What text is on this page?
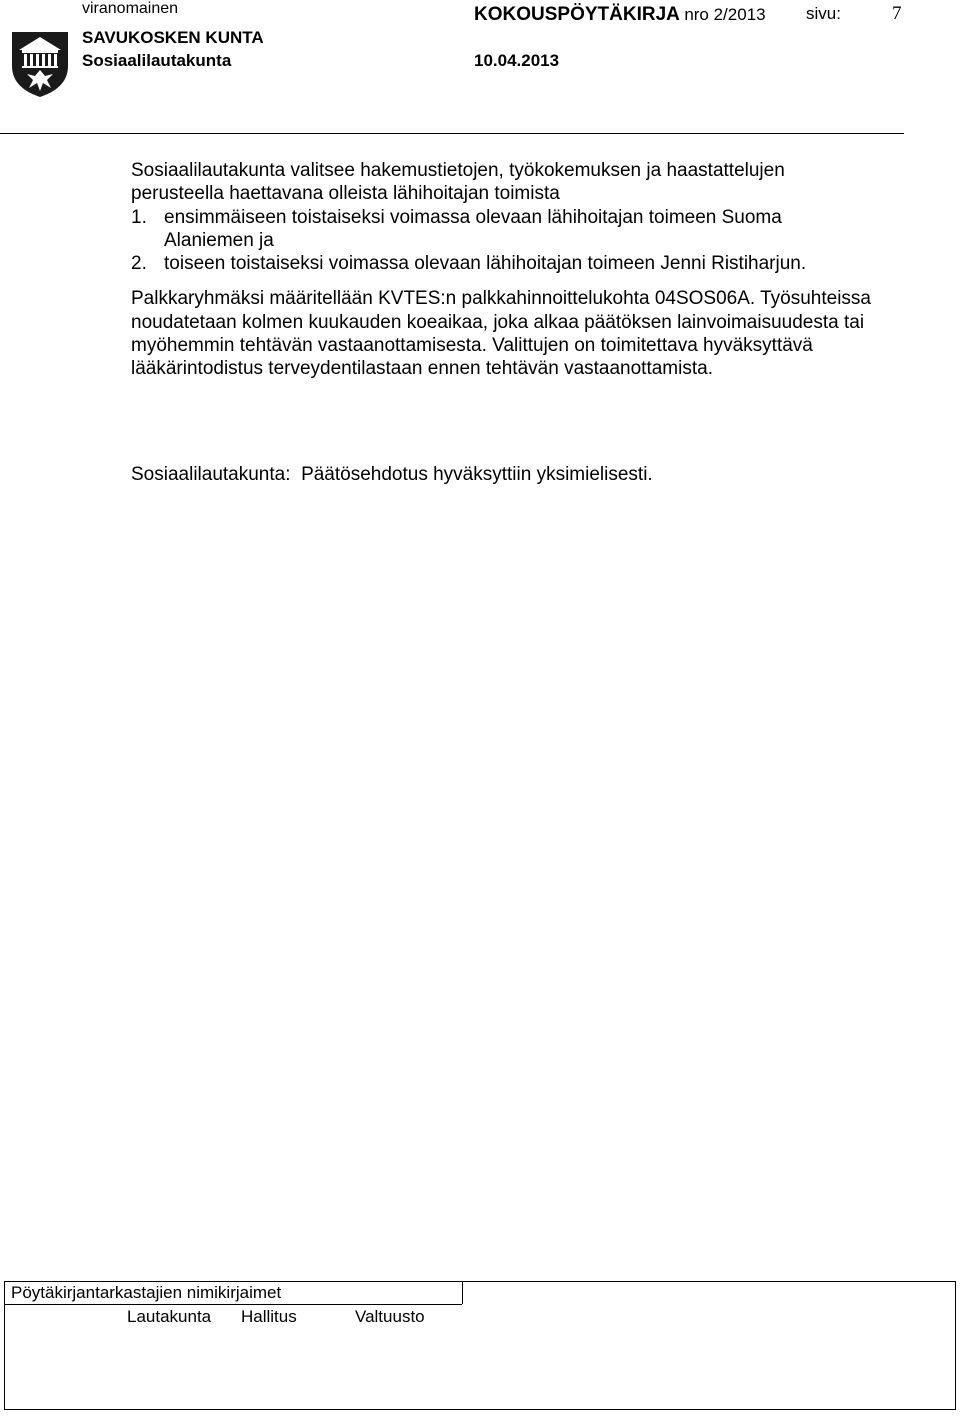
viranomainen	KOKOUSPÖYTÄKIRJA nro 2/2013 sivu:	7
SAVUKOSKEN KUNTA
Sosiaalilautakunta	10.04.2013

Sosiaalilautakunta valitsee hakemustietojen, työkokemuksen ja haastattelujen perusteella haettavana olleista lähihoitajan toimista

1. ensimmäiseen toistaiseksi voimassa olevaan lähihoitajan toimeen Suoma Alaniemen ja
2. toiseen toistaiseksi voimassa olevaan lähihoitajan toimeen Jenni Ristiharjun.

Palkkaryhmäksi määritellään KVTES:n palkkahinnoittelukohta 04SOS06A. Työsuhteissa noudatetaan kolmen kuukauden koeaikaa, joka alkaa päätöksen lainvoimaisuudesta tai myöhemmin tehtävän vastaanottamisesta. Valittujen on toimitettava hyväksyttävä lääkärintodistus terveydentilastaan ennen tehtävän vastaanottamista.

Sosiaalilautakunta: Päätösehdotus hyväksyttiin yksimielisesti.
Pöytäkirjantarkastajien nimikirjaimet
Lautakunta Hallitus	Valtuusto
